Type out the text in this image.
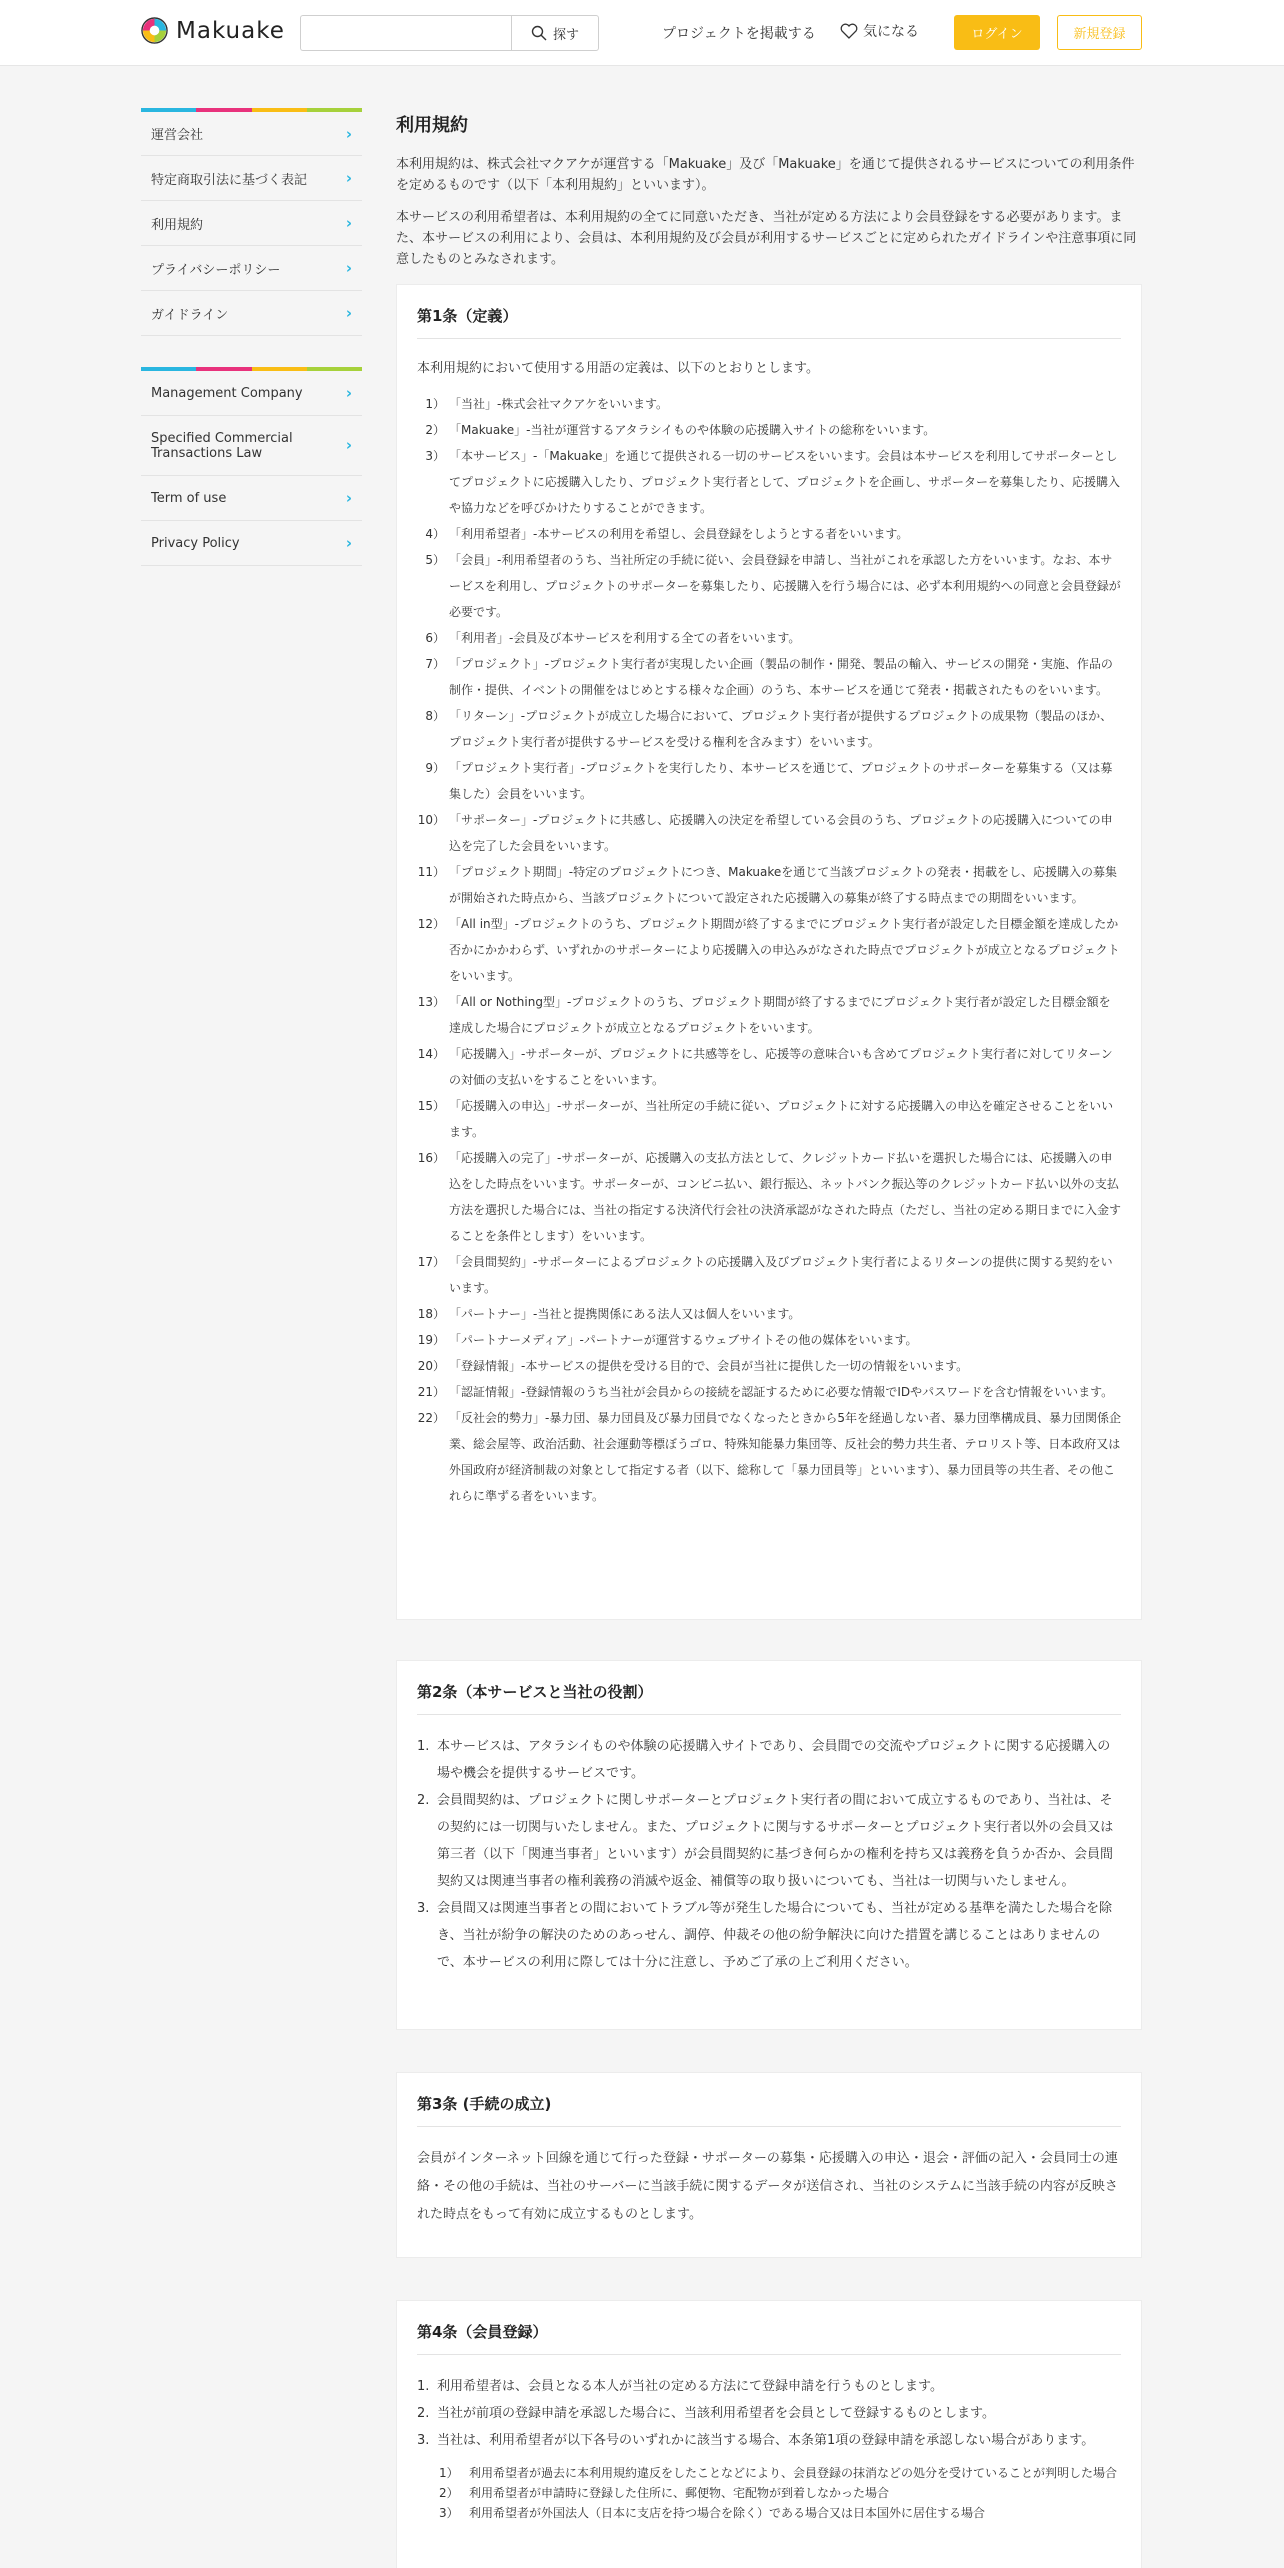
Makuake	探す	プロジェクトを掲載する	気になる	ログイン	新規登録
運営会社	›
特定商取引法に基づく表記	›
利用規約	›
プライバシーポリシー	›
ガイドライン	›
Management Company	›
Specified Commercial Transactions Law	›
Term of use	›
Privacy Policy	›
利用規約

本利用規約は、株式会社マクアケが運営する「Makuake」及び「Makuake」を通じて提供されるサービスについての利用条件を定めるものです（以下「本利用規約」といいます）。

本サービスの利用希望者は、本利用規約の全てに同意いただき、当社が定める方法により会員登録をする必要があります。また、本サービスの利用により、会員は、本利用規約及び会員が利用するサービスごとに定められたガイドラインや注意事項に同意したものとみなされます。

第1条（定義）

本利用規約において使用する用語の定義は、以下のとおりとします。

1） 「当社」-株式会社マクアケをいいます。
2） 「Makuake」-当社が運営するアタラシイものや体験の応援購入サイトの総称をいいます。
3） 「本サービス」-「Makuake」を通じて提供される一切のサービスをいいます。会員は本サービスを利用してサポーターとしてプロジェクトに応援購入したり、プロジェクト実行者として、プロジェクトを企画し、サポーターを募集したり、応援購入や協力などを呼びかけたりすることができます。
4） 「利用希望者」-本サービスの利用を希望し、会員登録をしようとする者をいいます。
5） 「会員」-利用希望者のうち、当社所定の手続に従い、会員登録を申請し、当社がこれを承認した方をいいます。なお、本サービスを利用し、プロジェクトのサポーターを募集したり、応援購入を行う場合には、必ず本利用規約への同意と会員登録が必要です。
6） 「利用者」-会員及び本サービスを利用する全ての者をいいます。
7） 「プロジェクト」-プロジェクト実行者が実現したい企画（製品の制作・開発、製品の輸入、サービスの開発・実施、作品の制作・提供、イベントの開催をはじめとする様々な企画）のうち、本サービスを通じて発表・掲載されたものをいいます。
8） 「リターン」-プロジェクトが成立した場合において、プロジェクト実行者が提供するプロジェクトの成果物（製品のほか、プロジェクト実行者が提供するサービスを受ける権利を含みます）をいいます。
9） 「プロジェクト実行者」-プロジェクトを実行したり、本サービスを通じて、プロジェクトのサポーターを募集する（又は募集した）会員をいいます。
10） 「サポーター」-プロジェクトに共感し、応援購入の決定を希望している会員のうち、プロジェクトの応援購入についての申込を完了した会員をいいます。
11） 「プロジェクト期間」-特定のプロジェクトにつき、Makuakeを通じて当該プロジェクトの発表・掲載をし、応援購入の募集が開始された時点から、当該プロジェクトについて設定された応援購入の募集が終了する時点までの期間をいいます。
12） 「All in型」-プロジェクトのうち、プロジェクト期間が終了するまでにプロジェクト実行者が設定した目標金額を達成したか否かにかかわらず、いずれかのサポーターにより応援購入の申込みがなされた時点でプロジェクトが成立となるプロジェクトをいいます。
13） 「All or Nothing型」-プロジェクトのうち、プロジェクト期間が終了するまでにプロジェクト実行者が設定した目標金額を達成した場合にプロジェクトが成立となるプロジェクトをいいます。
14） 「応援購入」-サポーターが、プロジェクトに共感等をし、応援等の意味合いも含めてプロジェクト実行者に対してリターンの対価の支払いをすることをいいます。
15） 「応援購入の申込」-サポーターが、当社所定の手続に従い、プロジェクトに対する応援購入の申込を確定させることをいいます。
16） 「応援購入の完了」-サポーターが、応援購入の支払方法として、クレジットカード払いを選択した場合には、応援購入の申込をした時点をいいます。サポーターが、コンビニ払い、銀行振込、ネットバンク振込等のクレジットカード払い以外の支払方法を選択した場合には、当社の指定する決済代行会社の決済承認がなされた時点（ただし、当社の定める期日までに入金することを条件とします）をいいます。
17） 「会員間契約」-サポーターによるプロジェクトの応援購入及びプロジェクト実行者によるリターンの提供に関する契約をいいます。
18） 「パートナー」-当社と提携関係にある法人又は個人をいいます。
19） 「パートナーメディア」-パートナーが運営するウェブサイトその他の媒体をいいます。
20） 「登録情報」-本サービスの提供を受ける目的で、会員が当社に提供した一切の情報をいいます。
21） 「認証情報」-登録情報のうち当社が会員からの接続を認証するために必要な情報でIDやパスワードを含む情報をいいます。
22） 「反社会的勢力」-暴力団、暴力団員及び暴力団員でなくなったときから5年を経過しない者、暴力団準構成員、暴力団関係企業、総会屋等、政治活動、社会運動等標ぼうゴロ、特殊知能暴力集団等、反社会的勢力共生者、テロリスト等、日本政府又は外国政府が経済制裁の対象として指定する者（以下、総称して「暴力団員等」といいます）、暴力団員等の共生者、その他これらに準ずる者をいいます。
第2条（本サービスと当社の役割）
1. 本サービスは、アタラシイものや体験の応援購入サイトであり、会員間での交流やプロジェクトに関する応援購入の場や機会を提供するサービスです。
2. 会員間契約は、プロジェクトに関しサポーターとプロジェクト実行者の間において成立するものであり、当社は、その契約には一切関与いたしません。また、プロジェクトに関与するサポーターとプロジェクト実行者以外の会員又は第三者（以下「関連当事者」といいます）が会員間契約に基づき何らかの権利を持ち又は義務を負うか否か、会員間契約又は関連当事者の権利義務の消滅や返金、補償等の取り扱いについても、当社は一切関与いたしません。
3. 会員間又は関連当事者との間においてトラブル等が発生した場合についても、当社が定める基準を満たした場合を除き、当社が紛争の解決のためのあっせん、調停、仲裁その他の紛争解決に向けた措置を講じることはありませんので、本サービスの利用に際しては十分に注意し、予めご了承の上ご利用ください。
第3条 (手続の成立)

会員がインターネット回線を通じて行った登録・サポーターの募集・応援購入の申込・退会・評価の記入・会員同士の連絡・その他の手続は、当社のサーバーに当該手続に関するデータが送信され、当社のシステムに当該手続の内容が反映された時点をもって有効に成立するものとします。

第4条（会員登録）
1. 利用希望者は、会員となる本人が当社の定める方法にて登録申請を行うものとします。
2. 当社が前項の登録申請を承認した場合に、当該利用希望者を会員として登録するものとします。
3. 当社は、利用希望者が以下各号のいずれかに該当する場合、本条第1項の登録申請を承認しない場合があります。
1） 利用希望者が過去に本利用規約違反をしたことなどにより、会員登録の抹消などの処分を受けていることが判明した場合
2） 利用希望者が申請時に登録した住所に、郵便物、宅配物が到着しなかった場合
3） 利用希望者が外国法人（日本に支店を持つ場合を除く）である場合又は日本国外に居住する場合
